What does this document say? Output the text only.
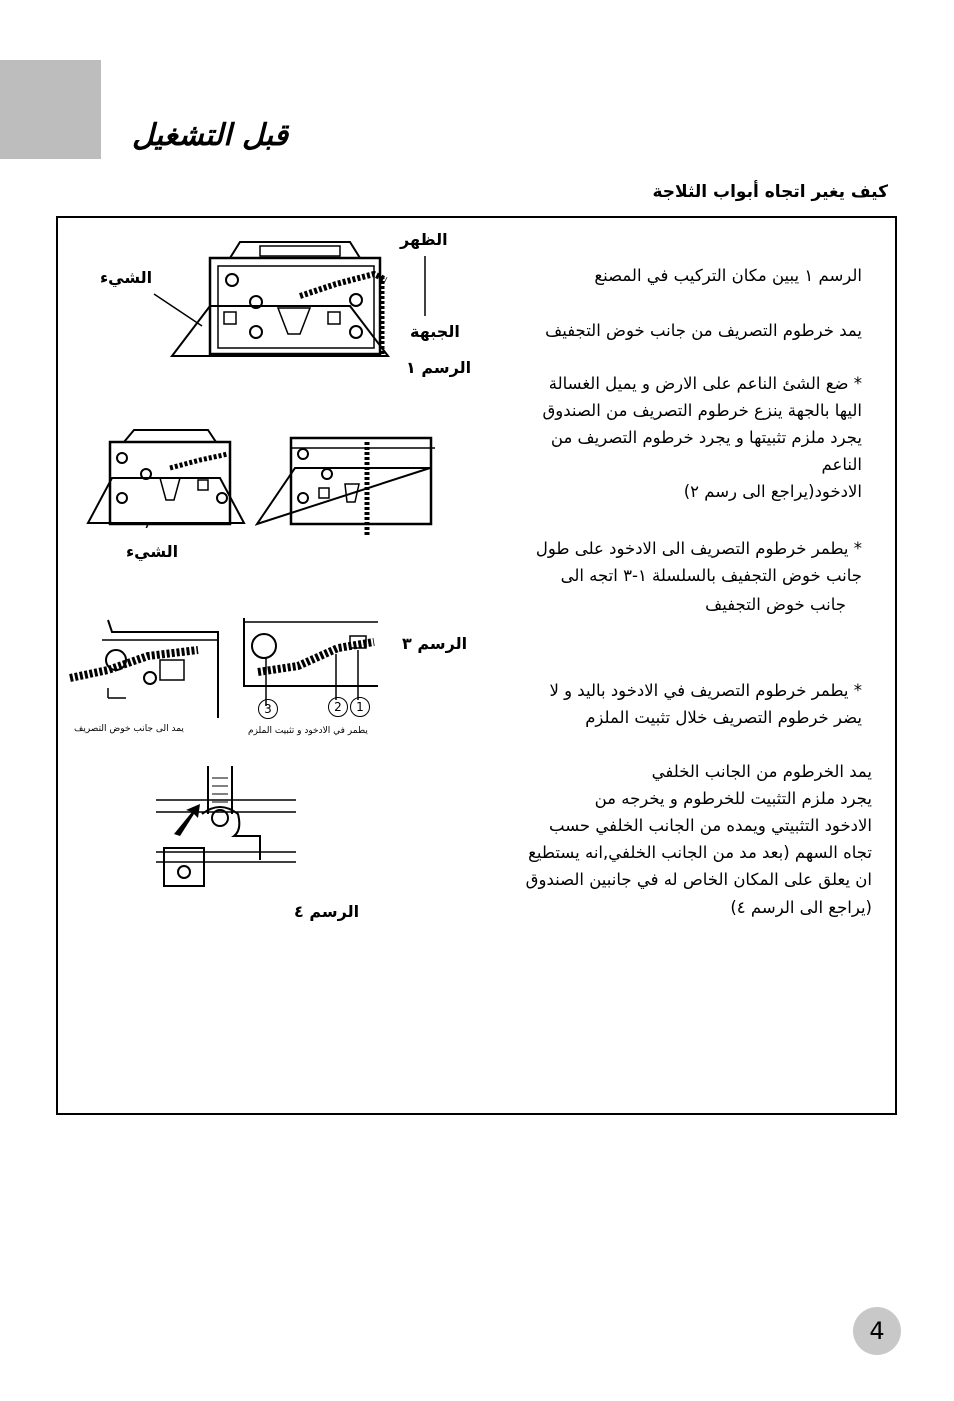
قبل التشغيل
كيف يغير اتجاه أبواب الثلاجة
الرسم ١ يبين مكان التركيب في المصنع
يمد خرطوم التصريف من جانب خوض التجفيف
* ضع الشئ الناعم على الارض و يميل الغسالة
اليها بالجهة ينزع خرطوم التصريف من الصندوق
يجرد ملزم تثبيتها و يجرد خرطوم التصريف من
الناعم
الادخود(يراجع الى رسم ٢)
* يطمر خرطوم التصريف الى الادخود على طول
جانب خوض التجفيف بالسلسلة ١-٣ اتجه الى
جانب خوض التجفيف
* يطمر خرطوم التصريف في الادخود باليد و لا
يضر خرطوم التصريف خلال تثبيت الملزم
يمد الخرطوم من الجانب الخلفي
يجرد ملزم التثبيت للخرطوم و يخرجه من
الادخود التثبيتي ويمده من الجانب الخلفي حسب
تجاه السهم (بعد مد من الجانب الخلفي,انه يستطيع
ان يعلق على المكان الخاص له في جانبين الصندوق
(يراجع الى الرسم ٤)
الظهر
الجبهة
الرسم ١
الشيء
الشيء
3	2	1
الرسم ٣
يمد الى جانب خوض التصريف	يطمر في الادخود و تثبيت الملزم
الرسم ٤
4
